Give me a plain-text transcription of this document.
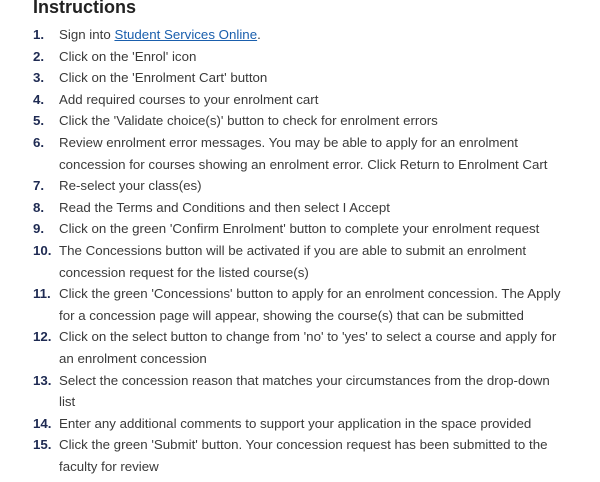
Instructions
1. Sign into Student Services Online.
2. Click on the 'Enrol' icon
3. Click on the 'Enrolment Cart' button
4. Add required courses to your enrolment cart
5. Click the 'Validate choice(s)' button to check for enrolment errors
6. Review enrolment error messages. You may be able to apply for an enrolment concession for courses showing an enrolment error. Click Return to Enrolment Cart
7. Re-select your class(es)
8. Read the Terms and Conditions and then select I Accept
9. Click on the green 'Confirm Enrolment' button to complete your enrolment request
10. The Concessions button will be activated if you are able to submit an enrolment concession request for the listed course(s)
11. Click the green 'Concessions' button to apply for an enrolment concession. The Apply for a concession page will appear, showing the course(s) that can be submitted
12. Click on the select button to change from 'no' to 'yes' to select a course and apply for an enrolment concession
13. Select the concession reason that matches your circumstances from the drop-down list
14. Enter any additional comments to support your application in the space provided
15. Click the green 'Submit' button. Your concession request has been submitted to the faculty for review
